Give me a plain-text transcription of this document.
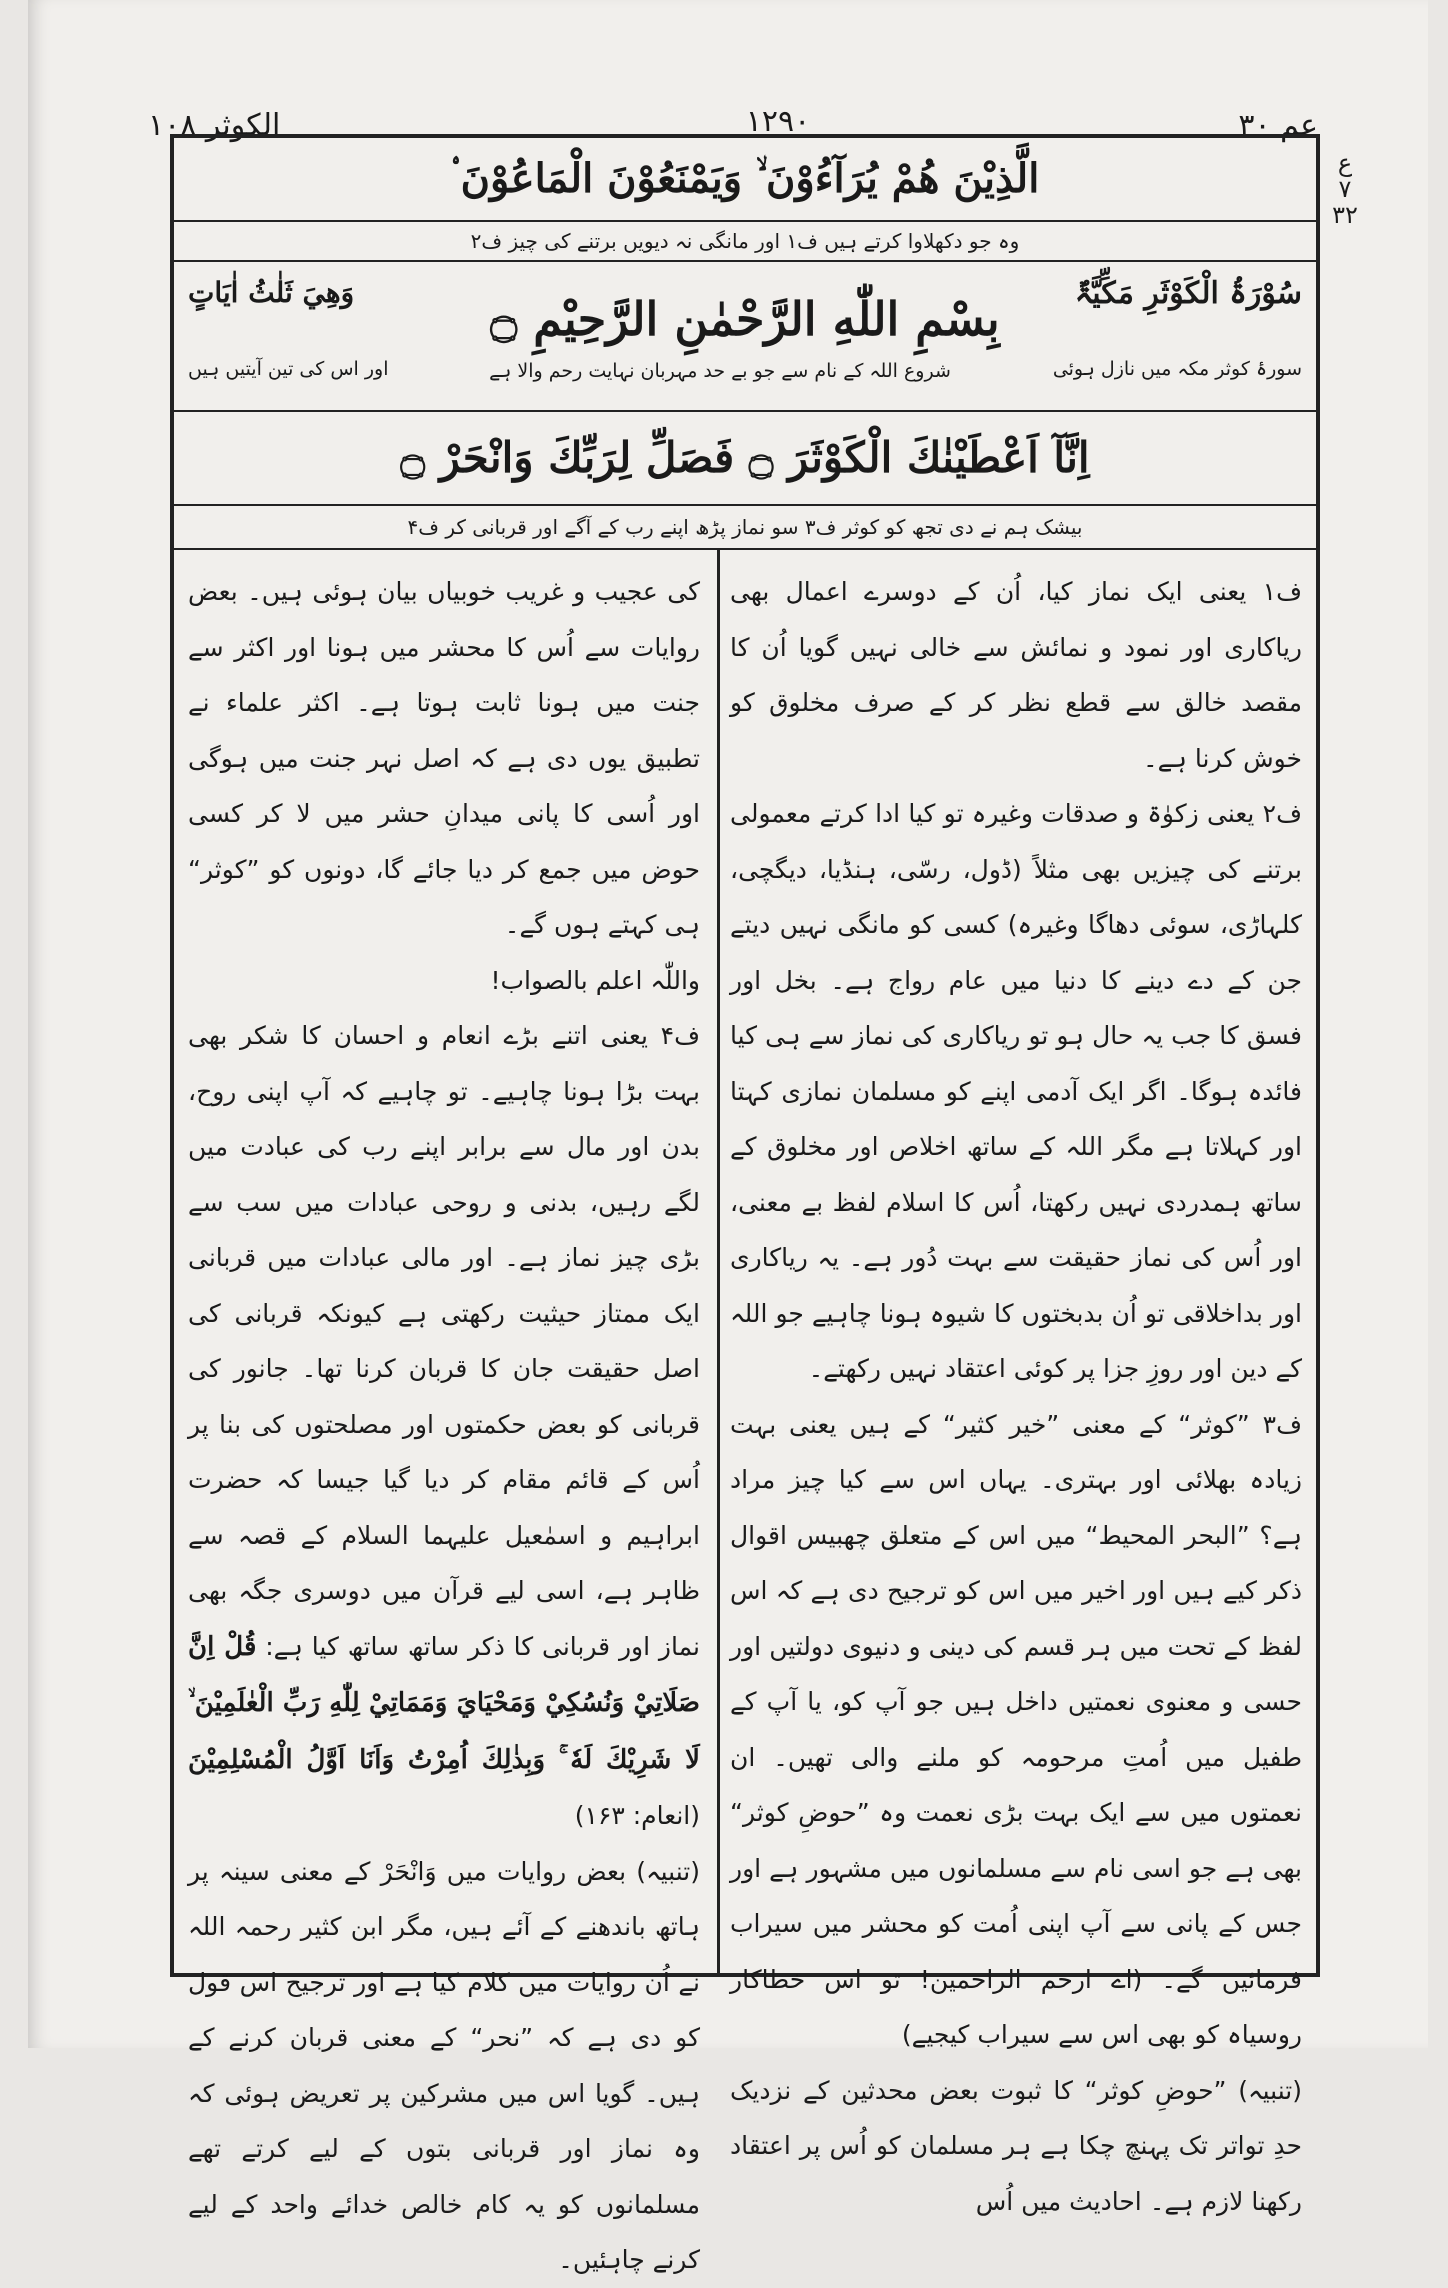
الکوثر ۱۰۸	۱۲۹۰	عم ۳۰
ع
۷
۳۲
الَّذِيْنَ هُمْ يُرَآءُوْنَ ۙ وَيَمْنَعُوْنَ الْمَاعُوْنَ ۟
وہ جو دکھلاوا کرتے ہیں ف۱ اور مانگی نہ دیویں برتنے کی چیز ف۲
سُوْرَۃُ الْکَوْثَرِ مَکِّيَّۃٌ
وَهِيَ ثَلٰثُ اٰيَاتٍ	بِسْمِ اللّٰهِ الرَّحْمٰنِ الرَّحِيْمِ ۝
سورۂ کوثر مکہ میں نازل ہوئی
شروع اللہ کے نام سے جو بے حد مہربان نہایت رحم والا ہے
اور اس کی تین آیتیں ہیں
اِنَّآ اَعْطَيْنٰكَ الْكَوْثَرَ ۝ فَصَلِّ لِرَبِّكَ وَانْحَرْ ۝
بیشک ہم نے دی تجھ کو کوثر ف۳ سو نماز پڑھ اپنے رب کے آگے اور قربانی کر ف۴

ف۱ یعنی ایک نماز کیا، اُن کے دوسرے اعمال بھی ریاکاری اور نمود و نمائش سے خالی نہیں گویا اُن کا مقصد خالق سے قطع نظر کر کے صرف مخلوق کو خوش کرنا ہے۔

ف۲ یعنی زکوٰۃ و صدقات وغیرہ تو کیا ادا کرتے معمولی برتنے کی چیزیں بھی مثلاً (ڈول، رسّی، ہنڈیا، دیگچی، کلہاڑی، سوئی دھاگا وغیرہ) کسی کو مانگی نہیں دیتے جن کے دے دینے کا دنیا میں عام رواج ہے۔ بخل اور فسق کا جب یہ حال ہو تو ریاکاری کی نماز سے ہی کیا فائدہ ہوگا۔ اگر ایک آدمی اپنے کو مسلمان نمازی کہتا اور کہلاتا ہے مگر اللہ کے ساتھ اخلاص اور مخلوق کے ساتھ ہمدردی نہیں رکھتا، اُس کا اسلام لفظ بے معنی، اور اُس کی نماز حقیقت سے بہت دُور ہے۔ یہ ریاکاری اور بداخلاقی تو اُن بدبختوں کا شیوہ ہونا چاہیے جو اللہ کے دین اور روزِ جزا پر کوئی اعتقاد نہیں رکھتے۔

ف۳ ”کوثر“ کے معنی ”خیر کثیر“ کے ہیں یعنی بہت زیادہ بھلائی اور بہتری۔ یہاں اس سے کیا چیز مراد ہے؟ ”البحر المحیط“ میں اس کے متعلق چھبیس اقوال ذکر کیے ہیں اور اخیر میں اس کو ترجیح دی ہے کہ اس لفظ کے تحت میں ہر قسم کی دینی و دنیوی دولتیں اور حسی و معنوی نعمتیں داخل ہیں جو آپ کو، یا آپ کے طفیل میں اُمتِ مرحومہ کو ملنے والی تھیں۔ ان نعمتوں میں سے ایک بہت بڑی نعمت وہ ”حوضِ کوثر“ بھی ہے جو اسی نام سے مسلمانوں میں مشہور ہے اور جس کے پانی سے آپ اپنی اُمت کو محشر میں سیراب فرمائیں گے۔ (اے ارحم الراحمین! تو اس خطاکار روسیاہ کو بھی اس سے سیراب کیجیے)

(تنبیہ) ”حوضِ کوثر“ کا ثبوت بعض محدثین کے نزدیک حدِ تواتر تک پہنچ چکا ہے ہر مسلمان کو اُس پر اعتقاد رکھنا لازم ہے۔ احادیث میں اُس

کی عجیب و غریب خوبیاں بیان ہوئی ہیں۔ بعض روایات سے اُس کا محشر میں ہونا اور اکثر سے جنت میں ہونا ثابت ہوتا ہے۔ اکثر علماء نے تطبیق یوں دی ہے کہ اصل نہر جنت میں ہوگی اور اُسی کا پانی میدانِ حشر میں لا کر کسی حوض میں جمع کر دیا جائے گا، دونوں کو ”کوثر“ ہی کہتے ہوں گے۔

واللّٰہ اعلم بالصواب!

ف۴ یعنی اتنے بڑے انعام و احسان کا شکر بھی بہت بڑا ہونا چاہیے۔ تو چاہیے کہ آپ اپنی روح، بدن اور مال سے برابر اپنے رب کی عبادت میں لگے رہیں، بدنی و روحی عبادات میں سب سے بڑی چیز نماز ہے۔ اور مالی عبادات میں قربانی ایک ممتاز حیثیت رکھتی ہے کیونکہ قربانی کی اصل حقیقت جان کا قربان کرنا تھا۔ جانور کی قربانی کو بعض حکمتوں اور مصلحتوں کی بنا پر اُس کے قائم مقام کر دیا گیا جیسا کہ حضرت ابراہیم و اسمٰعیل علیہما السلام کے قصہ سے ظاہر ہے، اسی لیے قرآن میں دوسری جگہ بھی نماز اور قربانی کا ذکر ساتھ ساتھ کیا ہے: قُلْ اِنَّ صَلَاتِيْ وَنُسُكِيْ وَمَحْيَايَ وَمَمَاتِيْ لِلّٰهِ رَبِّ الْعٰلَمِيْنَ ۙ لَا شَرِيْكَ لَهٗ ۚ وَبِذٰلِكَ اُمِرْتُ وَاَنَا اَوَّلُ الْمُسْلِمِيْنَ (انعام: ۱۶۳)

(تنبیہ) بعض روایات میں وَانْحَرْ کے معنی سینہ پر ہاتھ باندھنے کے آئے ہیں، مگر ابن کثیر رحمہ اللہ نے اُن روایات میں کلام کیا ہے اور ترجیح اس قول کو دی ہے کہ ”نحر“ کے معنی قربان کرنے کے ہیں۔ گویا اس میں مشرکین پر تعریض ہوئی کہ وہ نماز اور قربانی بتوں کے لیے کرتے تھے مسلمانوں کو یہ کام خالص خدائے واحد کے لیے کرنے چاہئیں۔
